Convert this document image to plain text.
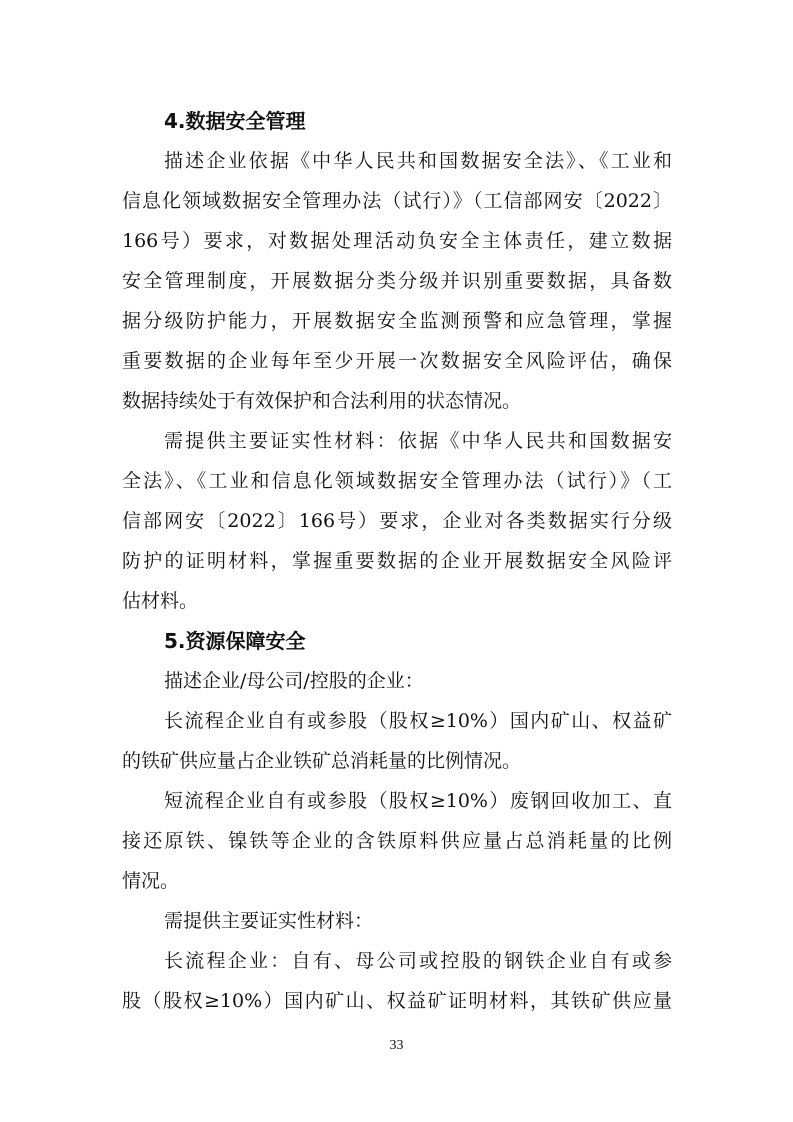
4.数据安全管理
描述企业依据《中华人民共和国数据安全法》、《工业和
信息化领域数据安全管理办法（试行）》（工信部网安〔2022〕
166号）要求，对数据处理活动负安全主体责任，建立数据
安全管理制度，开展数据分类分级并识别重要数据，具备数
据分级防护能力，开展数据安全监测预警和应急管理，掌握
重要数据的企业每年至少开展一次数据安全风险评估，确保
数据持续处于有效保护和合法利用的状态情况。
需提供主要证实性材料：依据《中华人民共和国数据安
全法》、《工业和信息化领域数据安全管理办法（试行）》（工
信部网安〔2022〕166号）要求，企业对各类数据实行分级
防护的证明材料，掌握重要数据的企业开展数据安全风险评
估材料。
5.资源保障安全
描述企业/母公司/控股的企业：
长流程企业自有或参股（股权≥10%）国内矿山、权益矿
的铁矿供应量占企业铁矿总消耗量的比例情况。
短流程企业自有或参股（股权≥10%）废钢回收加工、直
接还原铁、镍铁等企业的含铁原料供应量占总消耗量的比例
情况。
需提供主要证实性材料：
长流程企业：自有、母公司或控股的钢铁企业自有或参
股（股权≥10%）国内矿山、权益矿证明材料，其铁矿供应量
33
